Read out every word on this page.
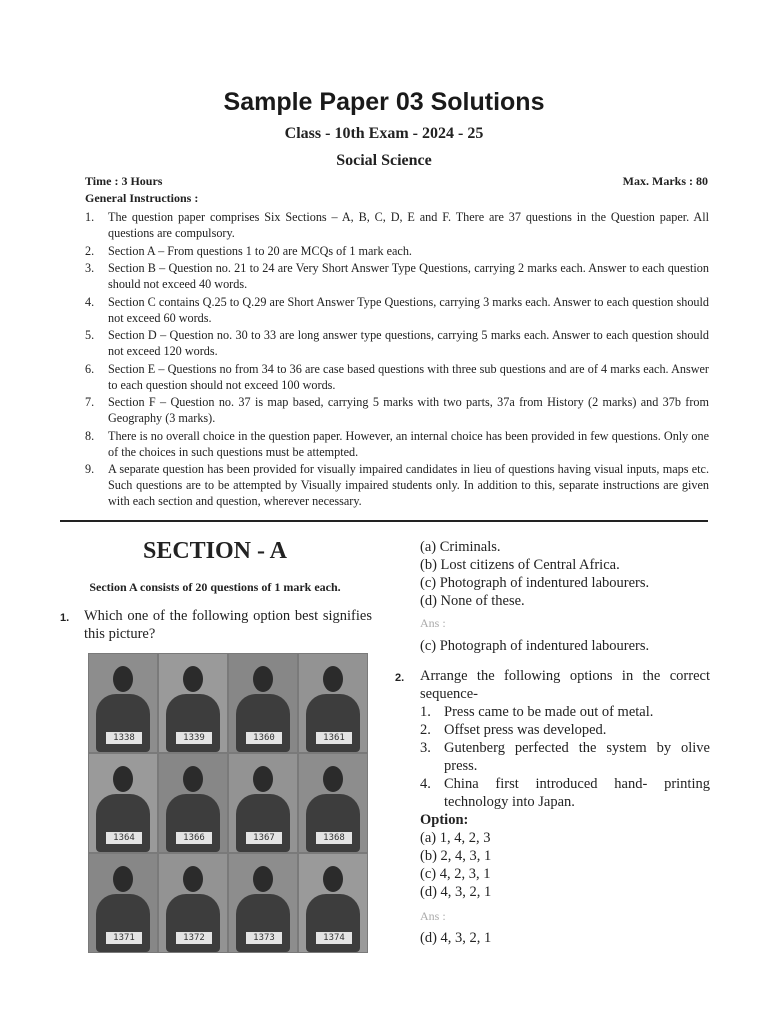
Sample Paper 03 Solutions
Class - 10th Exam - 2024 - 25
Social Science
Time : 3 Hours	Max. Marks : 80
General Instructions :
1.	The question paper comprises Six Sections – A, B, C, D, E and F. There are 37 questions in the Question paper. All questions are compulsory.
2.	Section A – From questions 1 to 20 are MCQs of 1 mark each.
3.	Section B – Question no. 21 to 24 are Very Short Answer Type Questions, carrying 2 marks each. Answer to each question should not exceed 40 words.
4.	Section C contains Q.25 to Q.29 are Short Answer Type Questions, carrying 3 marks each. Answer to each question should not exceed 60 words.
5.	Section D – Question no. 30 to 33 are long answer type questions, carrying 5 marks each. Answer to each question should not exceed 120 words.
6.	Section E – Questions no from 34 to 36 are case based questions with three sub questions and are of 4 marks each. Answer to each question should not exceed 100 words.
7.	Section F – Question no. 37 is map based, carrying 5 marks with two parts, 37a from History (2 marks) and 37b from Geography (3 marks).
8.	There is no overall choice in the question paper. However, an internal choice has been provided in few questions. Only one of the choices in such questions must be attempted.
9.	A separate question has been provided for visually impaired candidates in lieu of questions having visual inputs, maps etc. Such questions are to be attempted by Visually impaired students only. In addition to this, separate instructions are given with each section and question, wherever necessary.
SECTION - A
Section A consists of 20 questions of 1 mark each.
1. Which one of the following option best signifies this picture?
1338	1339	1360	1361
1364	1366	1367	1368
1371	1372	1373	1374
(a) Criminals.
(b) Lost citizens of Central Africa.
(c) Photograph of indentured labourers.
(d) None of these.
Ans :
(c) Photograph of indentured labourers.
2. Arrange the following options in the correct sequence-
1. Press came to be made out of metal.
2. Offset press was developed.
3. Gutenberg perfected the system by olive press.
4. China first introduced hand- printing technology into Japan.
Option:
(a) 1, 4, 2, 3
(b) 2, 4, 3, 1
(c) 4, 2, 3, 1
(d) 4, 3, 2, 1
Ans :
(d) 4, 3, 2, 1
